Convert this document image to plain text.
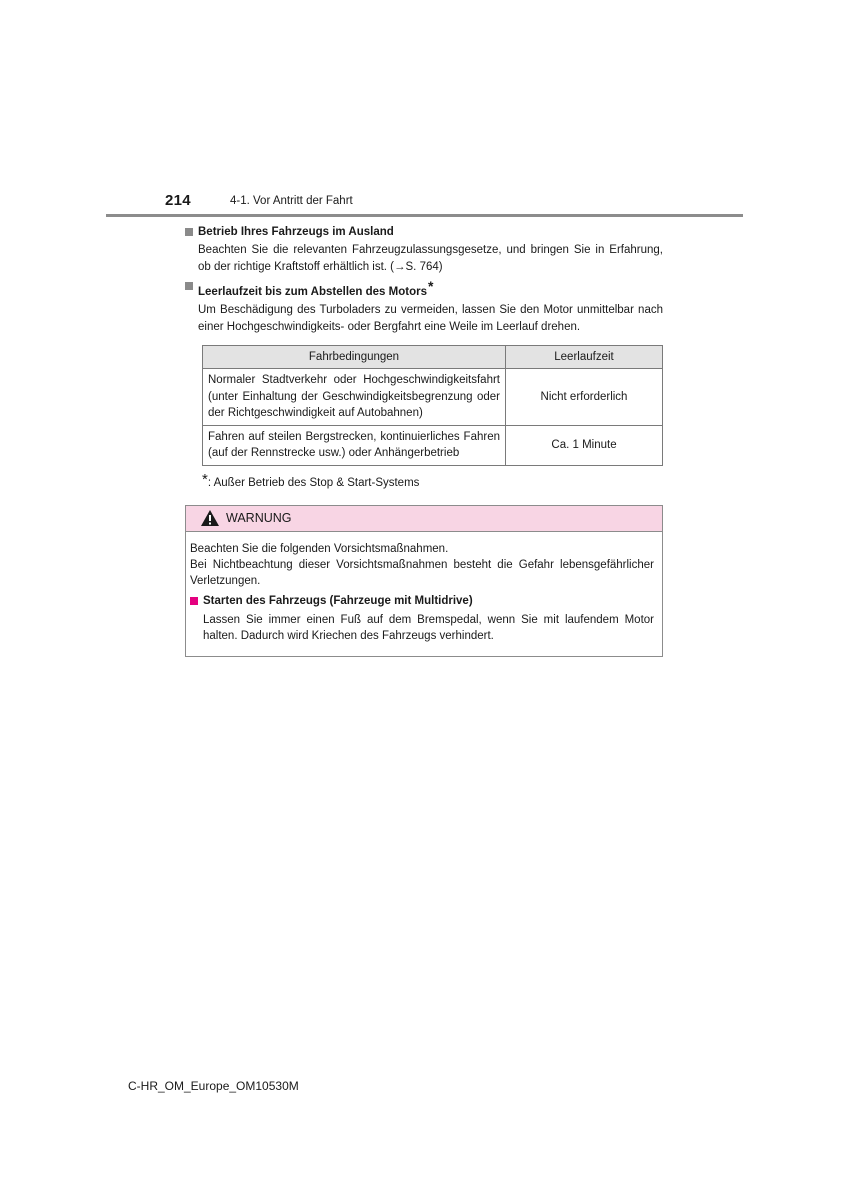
214	4-1. Vor Antritt der Fahrt
Betrieb Ihres Fahrzeugs im Ausland

Beachten Sie die relevanten Fahrzeugzulassungsgesetze, und bringen Sie in Erfahrung, ob der richtige Kraftstoff erhältlich ist. (→S. 764)

Leerlaufzeit bis zum Abstellen des Motors*

Um Beschädigung des Turboladers zu vermeiden, lassen Sie den Motor unmittelbar nach einer Hochgeschwindigkeits- oder Bergfahrt eine Weile im Leerlauf drehen.

Fahrbedingungen	Leerlaufzeit
Normaler Stadtverkehr oder Hochgeschwindigkeitsfahrt (unter Einhaltung der Geschwindigkeitsbegrenzung oder der Richtgeschwindigkeit auf Autobahnen)	Nicht erforderlich
Fahren auf steilen Bergstrecken, kontinuierliches Fahren (auf der Rennstrecke usw.) oder Anhängerbetrieb	Ca. 1 Minute
*: Außer Betrieb des Stop & Start-Systems
WARNUNG

Beachten Sie die folgenden Vorsichtsmaßnahmen.

Bei Nichtbeachtung dieser Vorsichtsmaßnahmen besteht die Gefahr lebensgefährlicher Verletzungen.

Starten des Fahrzeugs (Fahrzeuge mit Multidrive)

Lassen Sie immer einen Fuß auf dem Bremspedal, wenn Sie mit laufendem Motor halten. Dadurch wird Kriechen des Fahrzeugs verhindert.

C-HR_OM_Europe_OM10530M
